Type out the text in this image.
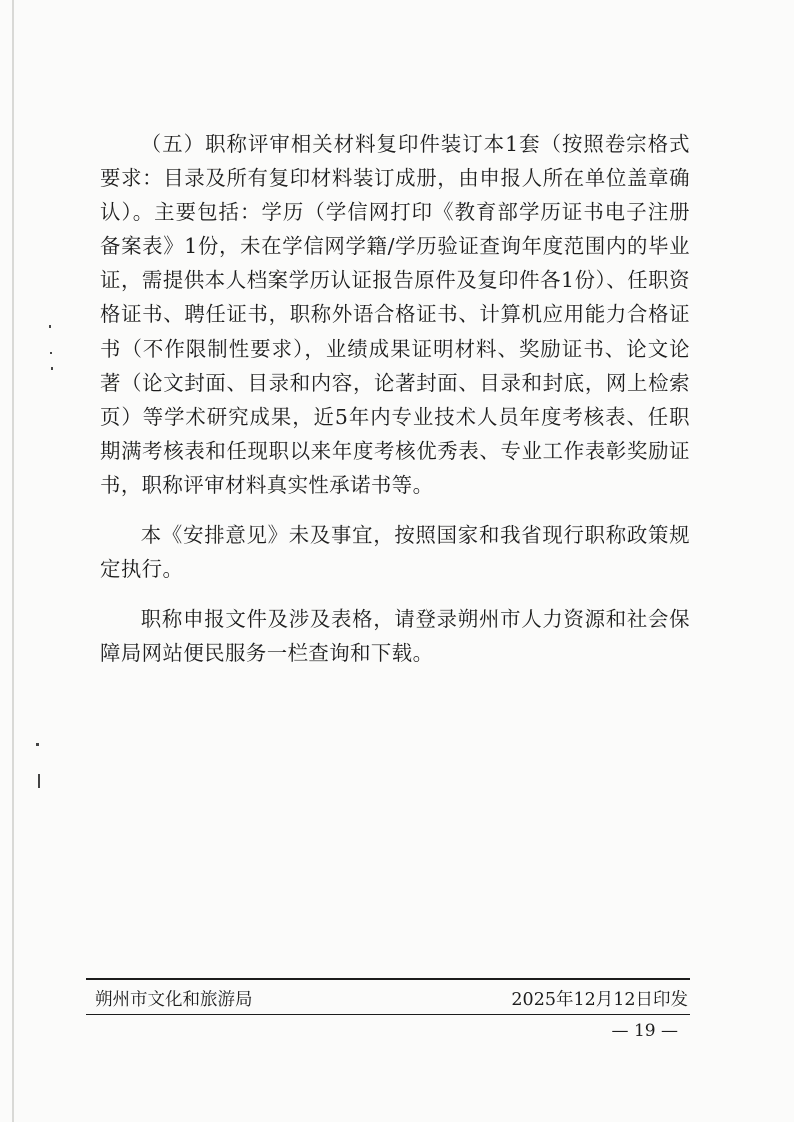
（五）职称评审相关材料复印件装订本1套（按照卷宗格式要求：目录及所有复印材料装订成册，由申报人所在单位盖章确认）。主要包括：学历（学信网打印《教育部学历证书电子注册备案表》1份，未在学信网学籍/学历验证查询年度范围内的毕业证，需提供本人档案学历认证报告原件及复印件各1份）、任职资格证书、聘任证书，职称外语合格证书、计算机应用能力合格证书（不作限制性要求），业绩成果证明材料、奖励证书、论文论著（论文封面、目录和内容，论著封面、目录和封底，网上检索页）等学术研究成果，近5年内专业技术人员年度考核表、任职期满考核表和任现职以来年度考核优秀表、专业工作表彰奖励证书，职称评审材料真实性承诺书等。

本《安排意见》未及事宜，按照国家和我省现行职称政策规定执行。

职称申报文件及涉及表格，请登录朔州市人力资源和社会保障局网站便民服务一栏查询和下载。

朔州市文化和旅游局	2025年12月12日印发
— 19 —
